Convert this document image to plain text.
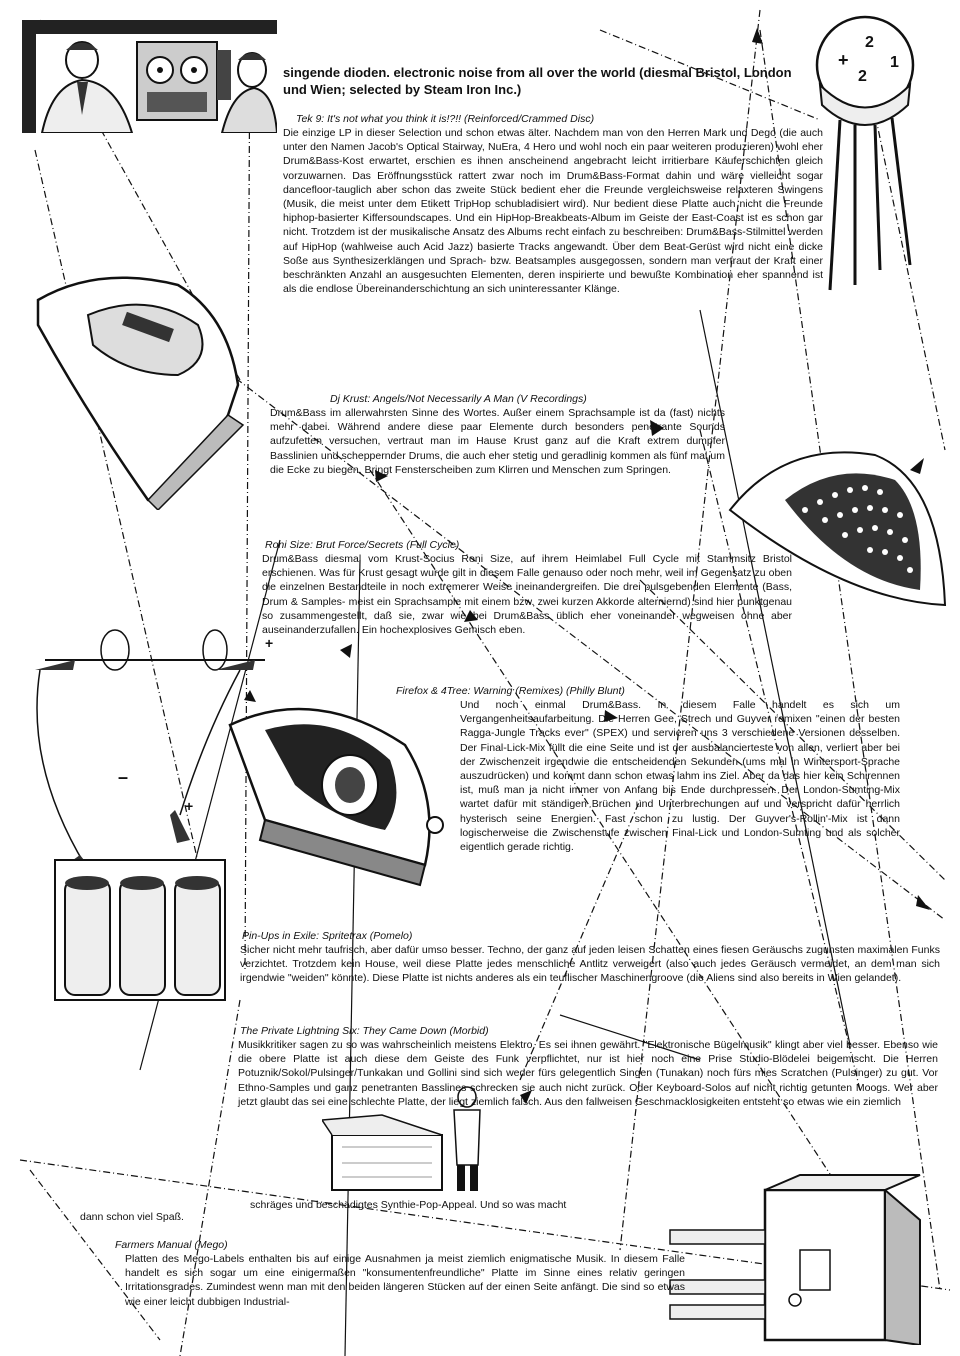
singende dioden. electronic noise from all over the world (diesmal Bristol, London und Wien; selected by Steam Iron Inc.)
+
2
2
1
+
–
+
Tek 9: It's not what you think it is!?!! (Reinforced/Crammed Disc)

Die einzige LP in dieser Selection und schon etwas älter. Nachdem man von den Herren Mark und Dego (die auch unter den Namen Jacob's Optical Stairway, NuEra, 4 Hero und wohl noch ein paar weiteren produzieren) wohl eher Drum&Bass-Kost erwartet, erschien es ihnen anscheinend angebracht leicht irritierbare Käuferschichten gleich vorzuwarnen. Das Eröffnungsstück rattert zwar noch im Drum&Bass-Format dahin und wäre vielleicht sogar dancefloor-tauglich aber schon das zweite Stück bedient eher die Freunde vergleichsweise relaxteren Swingens (Musik, die meist unter dem Etikett TripHop schubladisiert wird). Nur bedient diese Platte auch nicht die Freunde hiphop-basierter Kiffersoundscapes. Und ein HipHop-Breakbeats-Album im Geiste der East-Coast ist es schon gar nicht. Trotzdem ist der musikalische Ansatz des Albums recht einfach zu beschreiben: Drum&Bass-Stilmittel werden auf HipHop (wahlweise auch Acid Jazz) basierte Tracks angewandt. Über dem Beat-Gerüst wird nicht eine dicke Soße aus Synthesizerklängen und Sprach- bzw. Beatsamples ausgegossen, sondern man vertraut der Kraft einer beschränkten Anzahl an ausgesuchten Elementen, deren inspirierte und bewußte Kombination eher spannend ist als die endlose Übereinanderschichtung an sich uninteressanter Klänge.

Dj Krust: Angels/Not Necessarily A Man (V Recordings)

Drum&Bass im allerwahrsten Sinne des Wortes. Außer einem Sprachsample ist da (fast) nichts mehr dabei. Während andere diese paar Elemente durch besonders penetrante Sounds aufzufetten versuchen, vertraut man im Hause Krust ganz auf die Kraft extrem dumpfer Basslinien und scheppernder Drums, die auch eher stetig und geradlinig kommen als fünf mal um die Ecke zu biegen. Bringt Fensterscheiben zum Klirren und Menschen zum Springen.

Roni Size: Brut Force/Secrets (Full Cycle)

Drum&Bass diesmal vom Krust-Socius Roni Size, auf ihrem Heimlabel Full Cycle mit Stammsitz Bristol erschienen. Was für Krust gesagt wurde gilt in diesem Falle genauso oder noch mehr, weil im Gegensatz zu oben die einzelnen Bestandteile in noch extremerer Weise ineinandergreifen. Die drei pulsgebenden Elemente (Bass, Drum & Samples- meist ein Sprachsample mit einem bzw. zwei kurzen Akkorde alterniernd) sind hier punktgenau so zusammengestellt, daß sie, zwar wie bei Drum&Bass üblich eher voneinander wegweisen ohne aber auseinanderzufallen. Ein hochexplosives Gemisch eben.

Firefox & 4Tree: Warning (Remixes) (Philly Blunt)

Und noch einmal Drum&Bass. In diesem Falle handelt es sich um Vergangenheitsaufarbeitung. Die Herren Gee, Strech und Guyver remixen "einen der besten Ragga-Jungle Tracks ever" (SPEX) und servieren uns 3 verschiedene Versionen desselben. Der Final-Lick-Mix füllt die eine Seite und ist der ausbalancierteste von allen, verliert aber bei der Zwischenzeit irgendwie die entscheidenden Sekunden (ums mal in Wintersport-Sprache auszudrücken) und kommt dann schon etwas lahm ins Ziel. Aber da das hier kein Schirennen ist, muß man ja nicht immer von Anfang bis Ende durchpressen. Der London-Sumting-Mix wartet dafür mit ständigen Brüchen und Unterbrechungen auf und verspricht dafür herrlich hysterisch seine Energien. Fast schon zu lustig. Der Guyver's-Rollin'-Mix ist dann logischerweise die Zwischenstufe zwischen Final-Lick und London-Sumting und als solcher eigentlich gerade richtig.

Pin-Ups in Exile: Spritetrax (Pomelo)

Sicher nicht mehr taufrisch, aber dafür umso besser. Techno, der ganz auf jeden leisen Schatten eines fiesen Geräuschs zugunsten maximalen Funks verzichtet. Trotzdem kein House, weil diese Platte jedes menschliche Antlitz verweigert (also auch jedes Geräusch vermeidet, an dem man sich irgendwie "weiden" könnte). Diese Platte ist nichts anderes als ein teuflischer Maschinengroove (die Aliens sind also bereits in Wien gelandet).

The Private Lightning Six: They Came Down (Morbid)

Musikkritiker sagen zu so was wahrscheinlich meistens Elektro. Es sei ihnen gewährt. "Elektronische Bügelmusik" klingt aber viel besser. Ebenso wie die obere Platte ist auch diese dem Geiste des Funk verpflichtet, nur ist hier noch eine Prise Studio-Blödelei beigemischt. Die Herren Potuznik/Sokol/Pulsinger/Tunkakan und Gollini sind sich weder fürs gelegentlich Singen (Tunakan) noch fürs mies Scratchen (Pulsinger) zu gut. Vor Ethno-Samples und ganz penetranten Basslines schrecken sie auch nicht zurück. Oder Keyboard-Solos auf nicht richtig getunten Moogs. Wer aber jetzt glaubt das sei eine schlechte Platte, der liegt ziemlich falsch. Aus den fallweisen Geschmacklosigkeiten entsteht so etwas wie ein ziemlich

schräges und beschädigtes Synthie-Pop-Appeal. Und so was macht
dann schon viel Spaß.
Farmers Manual (Mego)

Platten des Mego-Labels enthalten bis auf einige Ausnahmen ja meist ziemlich enigmatische Musik. In diesem Falle handelt es sich sogar um eine einigermaßen "konsumentenfreundliche" Platte im Sinne eines relativ geringen Irritationsgrades. Zumindest wenn man mit den beiden längeren Stücken auf der einen Seite anfängt. Die sind so etwas wie einer leicht dubbigen Industrial-
